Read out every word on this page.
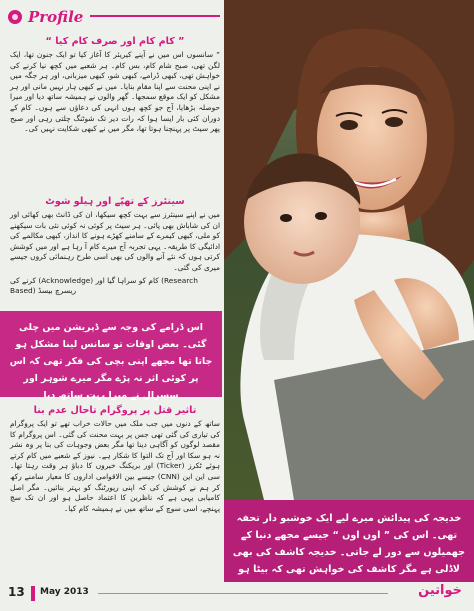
Profile
” کام کام اور صرف کام کیا “

” سانسوں اس میں نے آپنے کیریئر کا آغاز کیا تو ایک جنون تھا، ایک لگن تھی، صبح شام کام، بس کام۔ ہر شعبے میں کچھ نیا کرنے کی خواہش تھی، کبھی ڈرامے، کبھی شو، کبھی میزبانی، اور ہر جگہ میں نے اپنی محنت سے اپنا مقام بنایا۔ میں نے کبھی ہار نہیں مانی اور ہر مشکل کو ایک موقع سمجھا۔ گھر والوں نے ہمیشہ ساتھ دیا اور میرا حوصلہ بڑھایا، آج جو کچھ ہوں انہی کی دعاؤں سے ہوں۔ کام کے دوران کئی بار ایسا ہوا کہ رات دیر تک شوٹنگ چلتی رہی اور صبح پھر سیٹ پر پہنچنا ہوتا تھا، مگر میں نے کبھی شکایت نہیں کی۔

سینئرز کے تھپّے اور ہیلو شوٹ

میں نے اپنے سینئرز سے بہت کچھ سیکھا، ان کی ڈانٹ بھی کھائی اور ان کی شاباش بھی پائی۔ ہر سیٹ پر کوئی نہ کوئی نئی بات سیکھنے کو ملی، کبھی کیمرے کے سامنے کھڑے ہونے کا انداز، کبھی مکالمے کی ادائیگی کا طریقہ۔ یہی تجربہ آج میرے کام آ رہا ہے اور میں کوشش کرتی ہوں کہ نئے آنے والوں کی بھی اسی طرح رہنمائی کروں جیسے میری کی گئی۔

کرنے کی (Acknowledge) کام کو سراہا گیا اور (Research Based) ریسرچ بیسڈ
اس ڈرامے کی وجہ سے ڈپریشن میں چلی گئی۔ بعض اوقات تو سانس لینا مشکل ہو جاتا تھا مجھے اپنی بچی کی فکر تھی کہ اس پر کوئی اثر نہ پڑے مگر میرے شوہر اور سسرال نے میرا بہت ساتھ دیا
تاثیر قتل پر پروگرام تاحال عدم بنا

ساتھ کے دنوں میں جب ملک میں حالات خراب تھے تو ایک پروگرام کی تیاری کی گئی تھی جس پر بہت محنت کی گئی۔ اس پروگرام کا مقصد لوگوں کو آگاہی دینا تھا مگر بعض وجوہات کی بنا پر وہ نشر نہ ہو سکا اور آج تک التوا کا شکار ہے۔ نیوز کے شعبے میں کام کرتے ہوئے ٹکرز (Ticker) اور بریکنگ خبروں کا دباؤ ہر وقت رہتا تھا۔ سی این این (CNN) جیسے بین الاقوامی اداروں کا معیار سامنے رکھ کر ہم نے کوشش کی کہ اپنی رپورٹنگ کو بہتر بنائیں۔ مگر اصل کامیابی یہی ہے کہ ناظرین کا اعتماد حاصل ہو اور ان تک سچ پہنچے، اسی سوچ کے ساتھ میں نے ہمیشہ کام کیا۔

خدیجہ کی پیدائش میرے لیے ایک خوشبو دار تحفہ تھی۔ اس کی ” اوں اوں “ جیسے مجھے دنیا کے جھمیلوں سے دور لے جاتی۔ خدیجہ کاشف کی بھی لاڈلی ہے مگر کاشف کی خواہش تھی کہ بیٹا ہو
13 May 2013	خواتین
